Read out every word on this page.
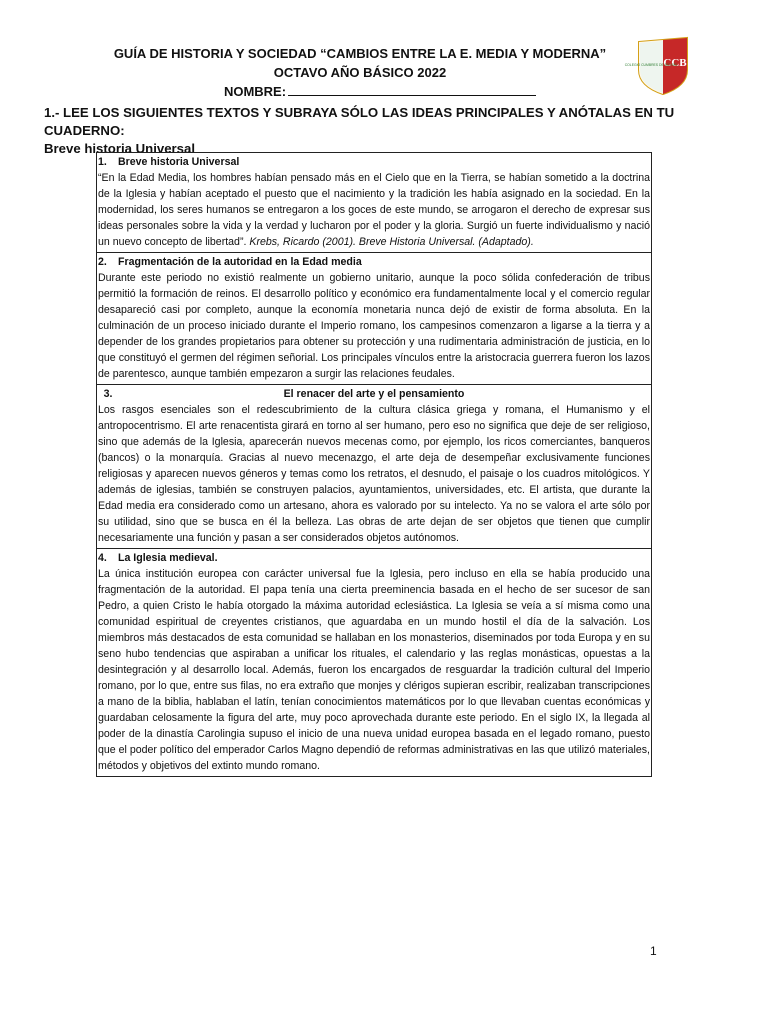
GUÍA DE HISTORIA Y SOCIEDAD “CAMBIOS ENTRE LA E. MEDIA Y MODERNA”
OCTAVO AÑO BÁSICO 2022
NOMBRE:
CCB
COLEGIO CUMBRES DE BÍO BÍO
1.- LEE LOS SIGUIENTES TEXTOS Y SUBRAYA SÓLO LAS IDEAS PRINCIPALES Y ANÓTALAS EN TU CUADERNO:
Breve historia Universal
1. Breve historia Universal
“En la Edad Media, los hombres habían pensado más en el Cielo que en la Tierra, se habían sometido a la doctrina de la Iglesia y habían aceptado el puesto que el nacimiento y la tradición les había asignado en la sociedad. En la modernidad, los seres humanos se entregaron a los goces de este mundo, se arrogaron el derecho de expresar sus ideas personales sobre la vida y la verdad y lucharon por el poder y la gloria. Surgió un fuerte individualismo y nació un nuevo concepto de libertad”. Krebs, Ricardo (2001). Breve Historia Universal. (Adaptado).

2. Fragmentación de la autoridad en la Edad media
Durante este periodo no existió realmente un gobierno unitario, aunque la poco sólida confederación de tribus permitió la formación de reinos. El desarrollo político y económico era fundamentalmente local y el comercio regular desapareció casi por completo, aunque la economía monetaria nunca dejó de existir de forma absoluta. En la culminación de un proceso iniciado durante el Imperio romano, los campesinos comenzaron a ligarse a la tierra y a depender de los grandes propietarios para obtener su protección y una rudimentaria administración de justicia, en lo que constituyó el germen del régimen señorial. Los principales vínculos entre la aristocracia guerrera fueron los lazos de parentesco, aunque también empezaron a surgir las relaciones feudales.

3.	El renacer del arte y el pensamiento
Los rasgos esenciales son el redescubrimiento de la cultura clásica griega y romana, el Humanismo y el antropocentrismo. El arte renacentista girará en torno al ser humano, pero eso no significa que deje de ser religioso, sino que además de la Iglesia, aparecerán nuevos mecenas como, por ejemplo, los ricos comerciantes, banqueros (bancos) o la monarquía. Gracias al nuevo mecenazgo, el arte deja de desempeñar exclusivamente funciones religiosas y aparecen nuevos géneros y temas como los retratos, el desnudo, el paisaje o los cuadros mitológicos. Y además de iglesias, también se construyen palacios, ayuntamientos, universidades, etc. El artista, que durante la Edad media era considerado como un artesano, ahora es valorado por su intelecto. Ya no se valora el arte sólo por su utilidad, sino que se busca en él la belleza. Las obras de arte dejan de ser objetos que tienen que cumplir necesariamente una función y pasan a ser considerados objetos autónomos.

4. La Iglesia medieval.
La única institución europea con carácter universal fue la Iglesia, pero incluso en ella se había producido una fragmentación de la autoridad. El papa tenía una cierta preeminencia basada en el hecho de ser sucesor de san Pedro, a quien Cristo le había otorgado la máxima autoridad eclesiástica. La Iglesia se veía a sí misma como una comunidad espiritual de creyentes cristianos, que aguardaba en un mundo hostil el día de la salvación. Los miembros más destacados de esta comunidad se hallaban en los monasterios, diseminados por toda Europa y en su seno hubo tendencias que aspiraban a unificar los rituales, el calendario y las reglas monásticas, opuestas a la desintegración y al desarrollo local. Además, fueron los encargados de resguardar la tradición cultural del Imperio romano, por lo que, entre sus filas, no era extraño que monjes y clérigos supieran escribir, realizaban transcripciones a mano de la biblia, hablaban el latín, tenían conocimientos matemáticos por lo que llevaban cuentas económicas y guardaban celosamente la figura del arte, muy poco aprovechada durante este periodo. En el siglo IX, la llegada al poder de la dinastía Carolingia supuso el inicio de una nueva unidad europea basada en el legado romano, puesto que el poder político del emperador Carlos Magno dependió de reformas administrativas en las que utilizó materiales, métodos y objetivos del extinto mundo romano.
1
